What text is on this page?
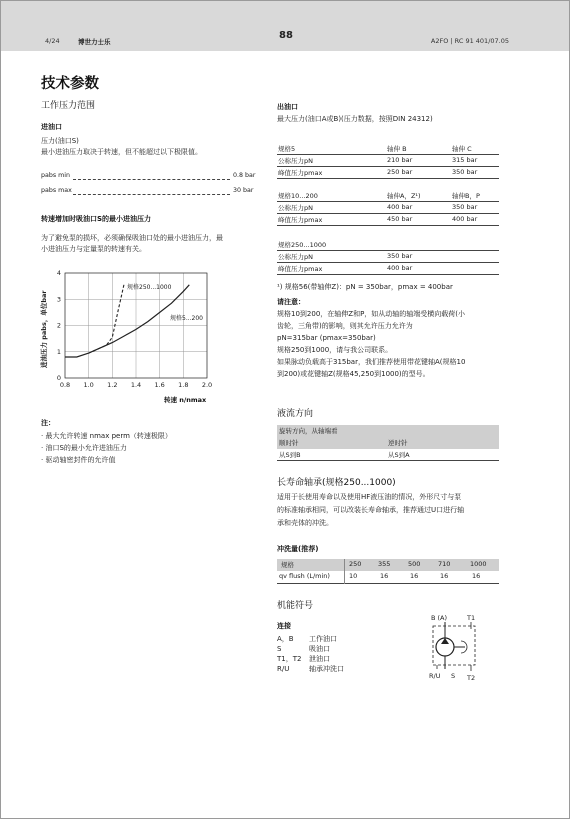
4/24	博世力士乐
88	A2FO | RC 91 401/07.05
技术参数
工作压力范围
进油口
压力(油口S)
最小进油压力取决于转速，但不能超过以下极限值。
pabs min	0.8 bar
pabs max	30 bar
转速增加时吸油口S的最小进油压力
为了避免泵的损坏，必须确保吸油口处的最小进油压力，最
小进油压力与定量泵的转速有关。
0.8 1.0 1.2 1.4 1.6 1.8 2.0
0
1
2
3
4
进油压力 pabs，单位bar
规格250...1000
规格5...200
转速 n/nmax
注：
· 最大允许转速 nmax perm（转速极限）
· 油口S的最小允许进油压力
· 驱动轴密封件的允许值
出油口
最大压力(油口A或B)(压力数据，按照DIN 24312)
规格5	轴伸 B	轴伸 C
公称压力pN	210 bar	315 bar
峰值压力pmax	250 bar	350 bar
规格10...200	轴伸A，Z¹)	轴伸B，P
公称压力pN	400 bar	350 bar
峰值压力pmax	450 bar	400 bar
规格250...1000
公称压力pN	350 bar
峰值压力pmax	400 bar
¹) 规格56(带轴伸Z)：pN = 350bar，pmax = 400bar
请注意：
规格10到200，在轴伸Z和P，如从动轴的轴端受横向载荷(小
齿轮，三角带)的影响，则其允许压力允许为
pN=315bar (pmax=350bar)
规格250到1000，请与我公司联系。
如果脉动负载高于315bar，我们推荐使用带花键轴A(规格10
到200)或花键轴Z(规格45,250到1000)的型号。
液流方向
旋转方向，从轴端看
顺时针	逆时针
从S到B	从S到A
长寿命轴承(规格250...1000)
适用于长使用寿命以及使用HF液压油的情况，外形尺寸与泵
的标准轴承相同，可以改装长寿命轴承，推荐通过U口进行轴
承和壳体的冲洗。
冲洗量(推荐)
规格	250	355	500	710	1000
qv flush (L/min)	10	16	16	16	16
机能符号
连接
A，B 工作油口
S	吸油口
T1，T2 泄油口
R/U	轴承冲洗口
B (A)	T1
R/U S T2
